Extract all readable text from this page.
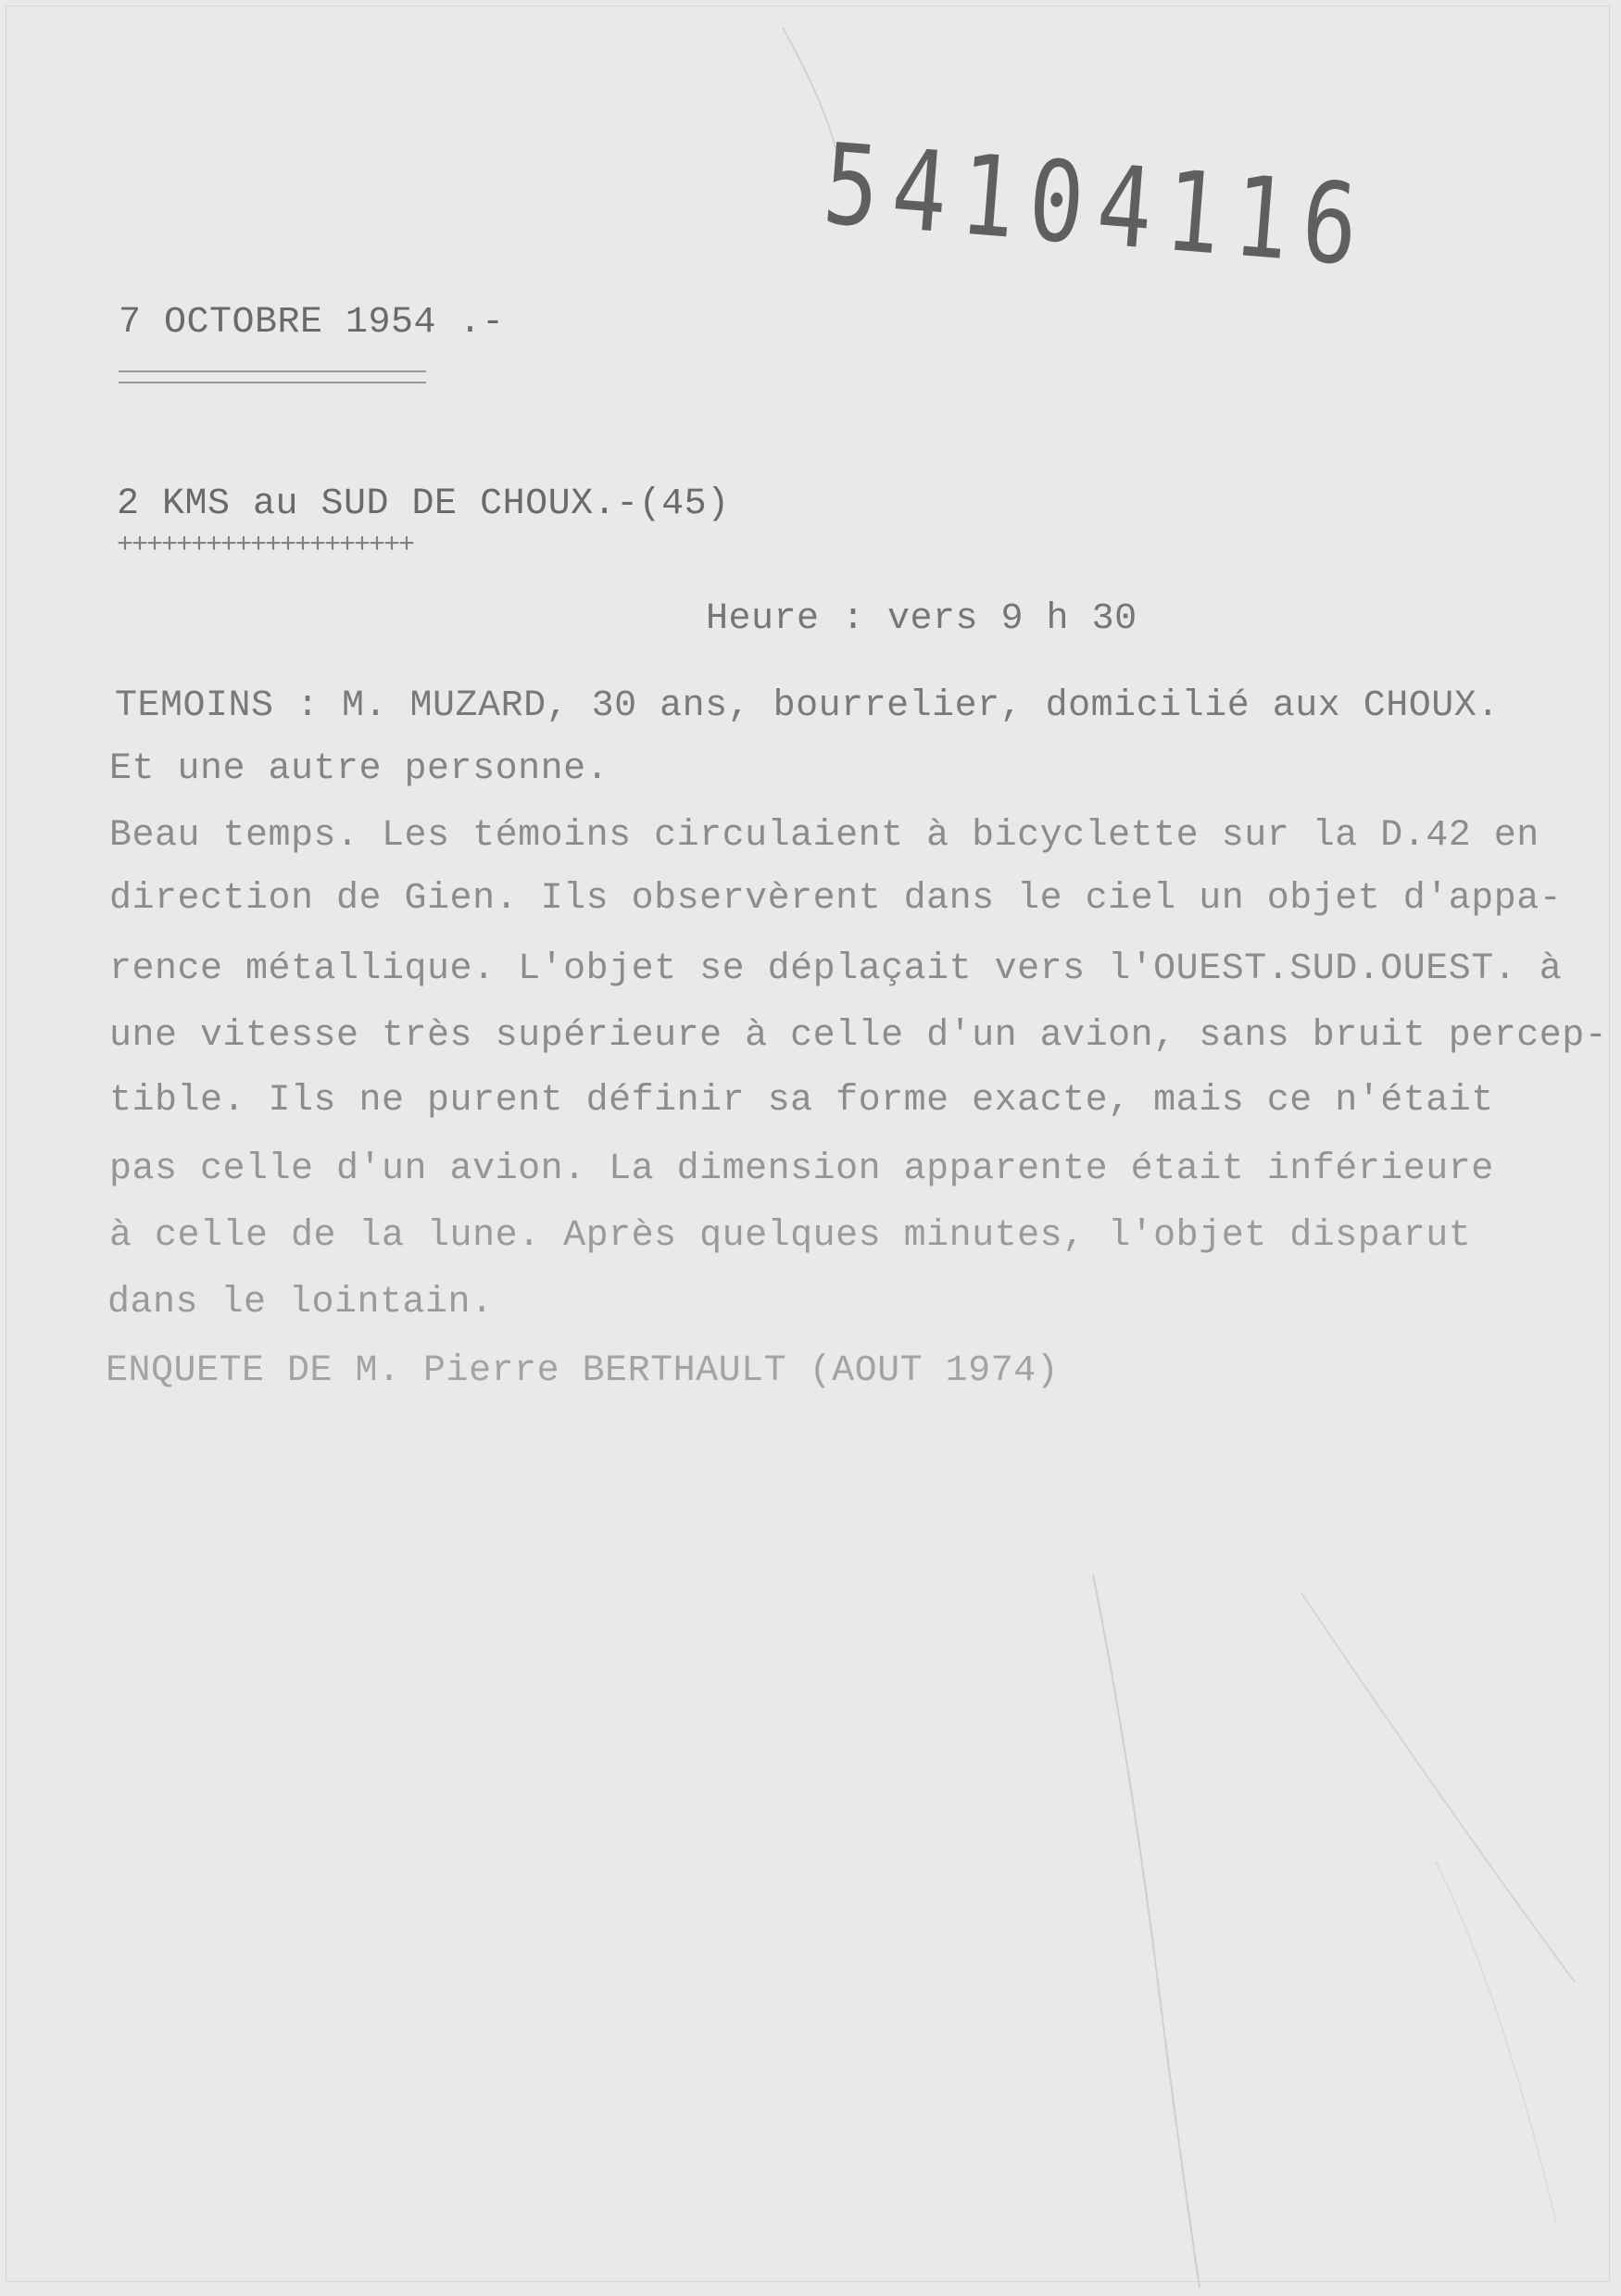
54104116
7 OCTOBRE 1954 .-
2 KMS au SUD DE CHOUX.-(45)
++++++++++++++++++++
Heure : vers 9 h 30
TEMOINS : M. MUZARD, 30 ans, bourrelier, domicilié aux CHOUX.
Et une autre personne.
Beau temps. Les témoins circulaient à bicyclette sur la D.42 en
direction de Gien. Ils observèrent dans le ciel un objet d'appa-
rence métallique. L'objet se déplaçait vers l'OUEST.SUD.OUEST. à
une vitesse très supérieure à celle d'un avion, sans bruit percep-
tible. Ils ne purent définir sa forme exacte, mais ce n'était
pas celle d'un avion. La dimension apparente était inférieure
à celle de la lune. Après quelques minutes, l'objet disparut
dans le lointain.
ENQUETE DE M. Pierre BERTHAULT (AOUT 1974)
